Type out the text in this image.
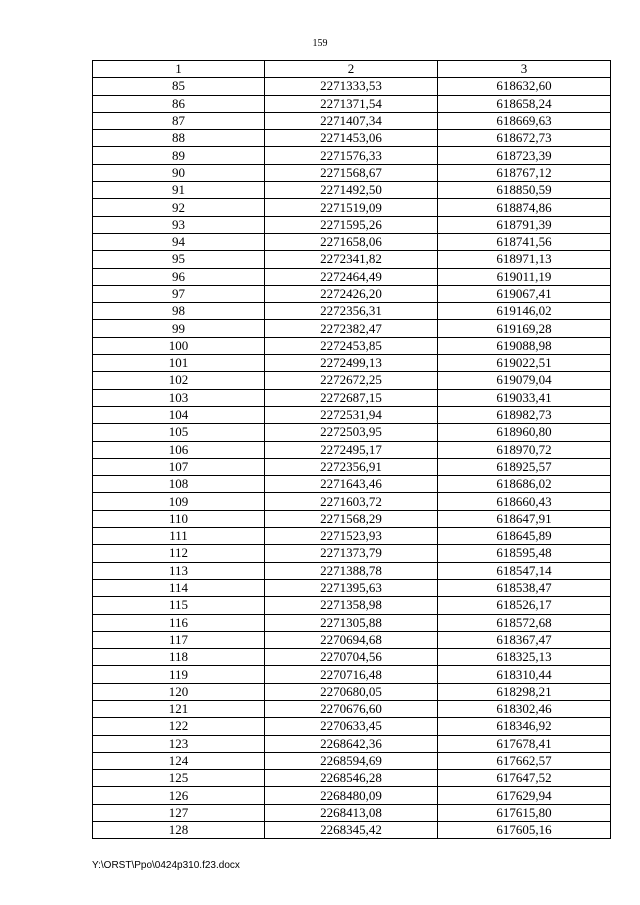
159
1	2	3
85	2271333,53	618632,60
86	2271371,54	618658,24
87	2271407,34	618669,63
88	2271453,06	618672,73
89	2271576,33	618723,39
90	2271568,67	618767,12
91	2271492,50	618850,59
92	2271519,09	618874,86
93	2271595,26	618791,39
94	2271658,06	618741,56
95	2272341,82	618971,13
96	2272464,49	619011,19
97	2272426,20	619067,41
98	2272356,31	619146,02
99	2272382,47	619169,28
100	2272453,85	619088,98
101	2272499,13	619022,51
102	2272672,25	619079,04
103	2272687,15	619033,41
104	2272531,94	618982,73
105	2272503,95	618960,80
106	2272495,17	618970,72
107	2272356,91	618925,57
108	2271643,46	618686,02
109	2271603,72	618660,43
110	2271568,29	618647,91
111	2271523,93	618645,89
112	2271373,79	618595,48
113	2271388,78	618547,14
114	2271395,63	618538,47
115	2271358,98	618526,17
116	2271305,88	618572,68
117	2270694,68	618367,47
118	2270704,56	618325,13
119	2270716,48	618310,44
120	2270680,05	618298,21
121	2270676,60	618302,46
122	2270633,45	618346,92
123	2268642,36	617678,41
124	2268594,69	617662,57
125	2268546,28	617647,52
126	2268480,09	617629,94
127	2268413,08	617615,80
128	2268345,42	617605,16
Y:\ORST\Ppo\0424p310.f23.docx
